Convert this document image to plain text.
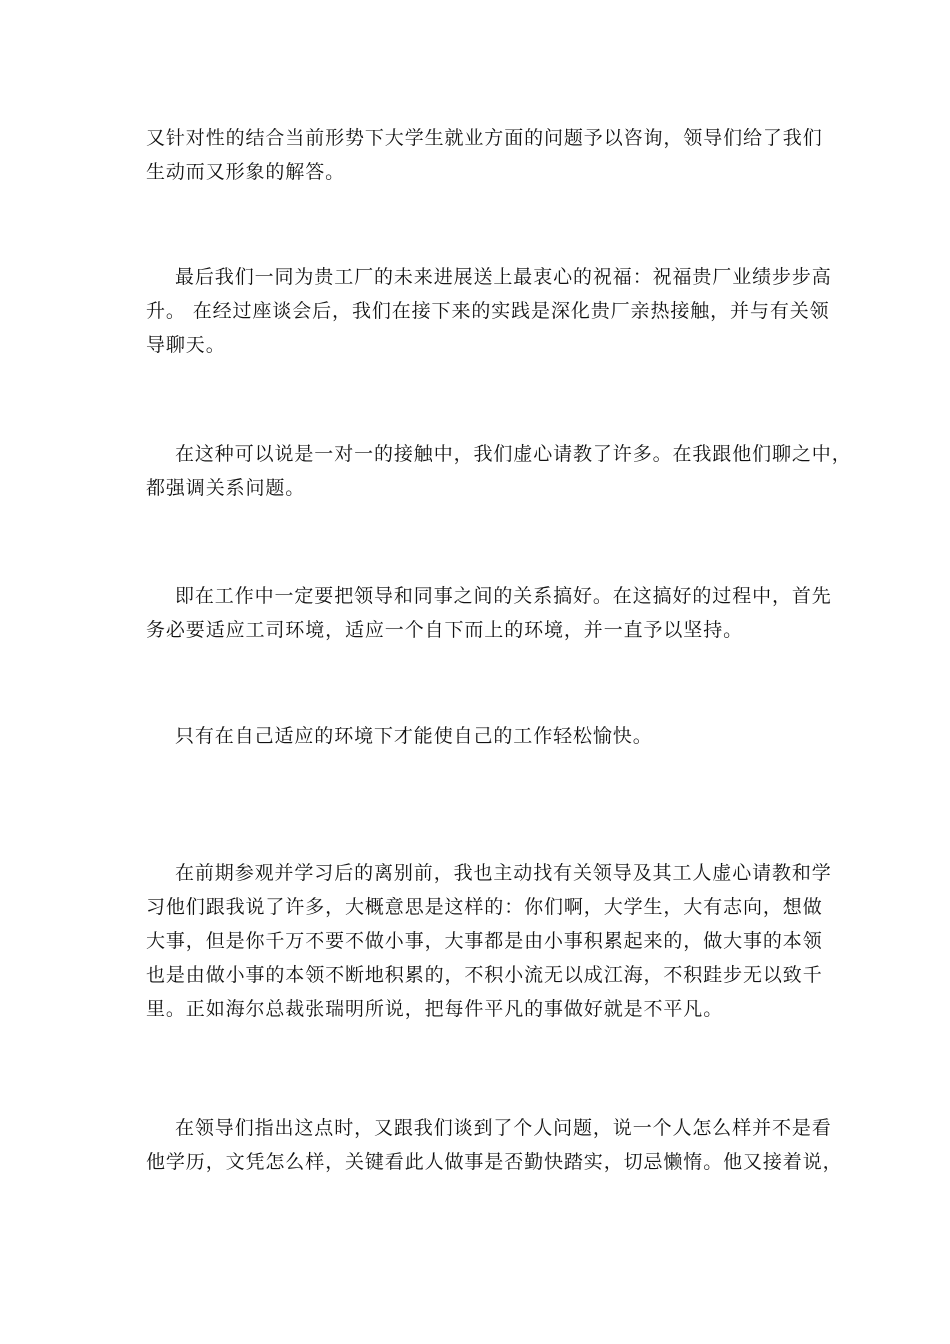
又针对性的结合当前形势下大学生就业方面的问题予以咨询，领导们给了我们
生动而又形象的解答。

最后我们一同为贵工厂的未来进展送上最衷心的祝福：祝福贵厂业绩步步高
升。 在经过座谈会后，我们在接下来的实践是深化贵厂亲热接触，并与有关领
导聊天。

在这种可以说是一对一的接触中，我们虚心请教了许多。在我跟他们聊之中，
都强调关系问题。

即在工作中一定要把领导和同事之间的关系搞好。在这搞好的过程中，首先
务必要适应工司环境，适应一个自下而上的环境，并一直予以坚持。

只有在自己适应的环境下才能使自己的工作轻松愉快。

在前期参观并学习后的离别前，我也主动找有关领导及其工人虚心请教和学
习他们跟我说了许多，大概意思是这样的：你们啊，大学生，大有志向，想做
大事，但是你千万不要不做小事，大事都是由小事积累起来的，做大事的本领
也是由做小事的本领不断地积累的，不积小流无以成江海，不积跬步无以致千
里。正如海尔总裁张瑞明所说，把每件平凡的事做好就是不平凡。

在领导们指出这点时，又跟我们谈到了个人问题，说一个人怎么样并不是看
他学历，文凭怎么样，关键看此人做事是否勤快踏实，切忌懒惰。他又接着说，
